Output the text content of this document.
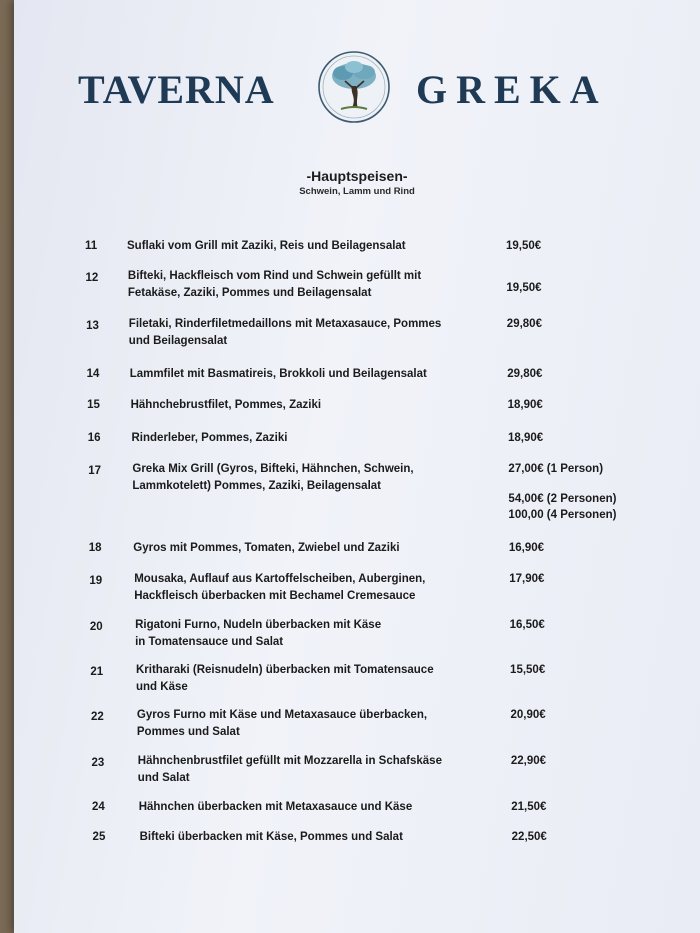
TAVERNA	GREKA
-Hauptspeisen-
Schwein, Lamm und Rind
11	Suflaki vom Grill mit Zaziki, Reis und Beilagensalat	19,50€
12	Bifteki, Hackfleisch vom Rind und Schwein gefüllt mit
Fetakäse, Zaziki, Pommes und Beilagensalat	19,50€
13	Filetaki, Rinderfiletmedaillons mit Metaxasauce, Pommes
und Beilagensalat
29,80€
14	Lammfilet mit Basmatireis, Brokkoli und Beilagensalat	29,80€
15	Hähnchebrustfilet, Pommes, Zaziki	18,90€
16	Rinderleber, Pommes, Zaziki	18,90€
17	Greka Mix Grill (Gyros, Bifteki, Hähnchen, Schwein,
Lammkotelett) Pommes, Zaziki, Beilagensalat
27,00€ (1 Person)
54,00€ (2 Personen)
100,00 (4 Personen)
18	Gyros mit Pommes, Tomaten, Zwiebel und Zaziki	16,90€
19	Mousaka, Auflauf aus Kartoffelscheiben, Auberginen,
Hackfleisch überbacken mit Bechamel Cremesauce
17,90€
20	Rigatoni Furno, Nudeln überbacken mit Käse
in Tomatensauce und Salat
16,50€
21	Kritharaki (Reisnudeln) überbacken mit Tomatensauce
und Käse
15,50€
22	Gyros Furno mit Käse und Metaxasauce überbacken,
Pommes und Salat
20,90€
23	Hähnchenbrustfilet gefüllt mit Mozzarella in Schafskäse
und Salat
22,90€
24	Hähnchen überbacken mit Metaxasauce und Käse	21,50€
25	Bifteki überbacken mit Käse, Pommes und Salat	22,50€
